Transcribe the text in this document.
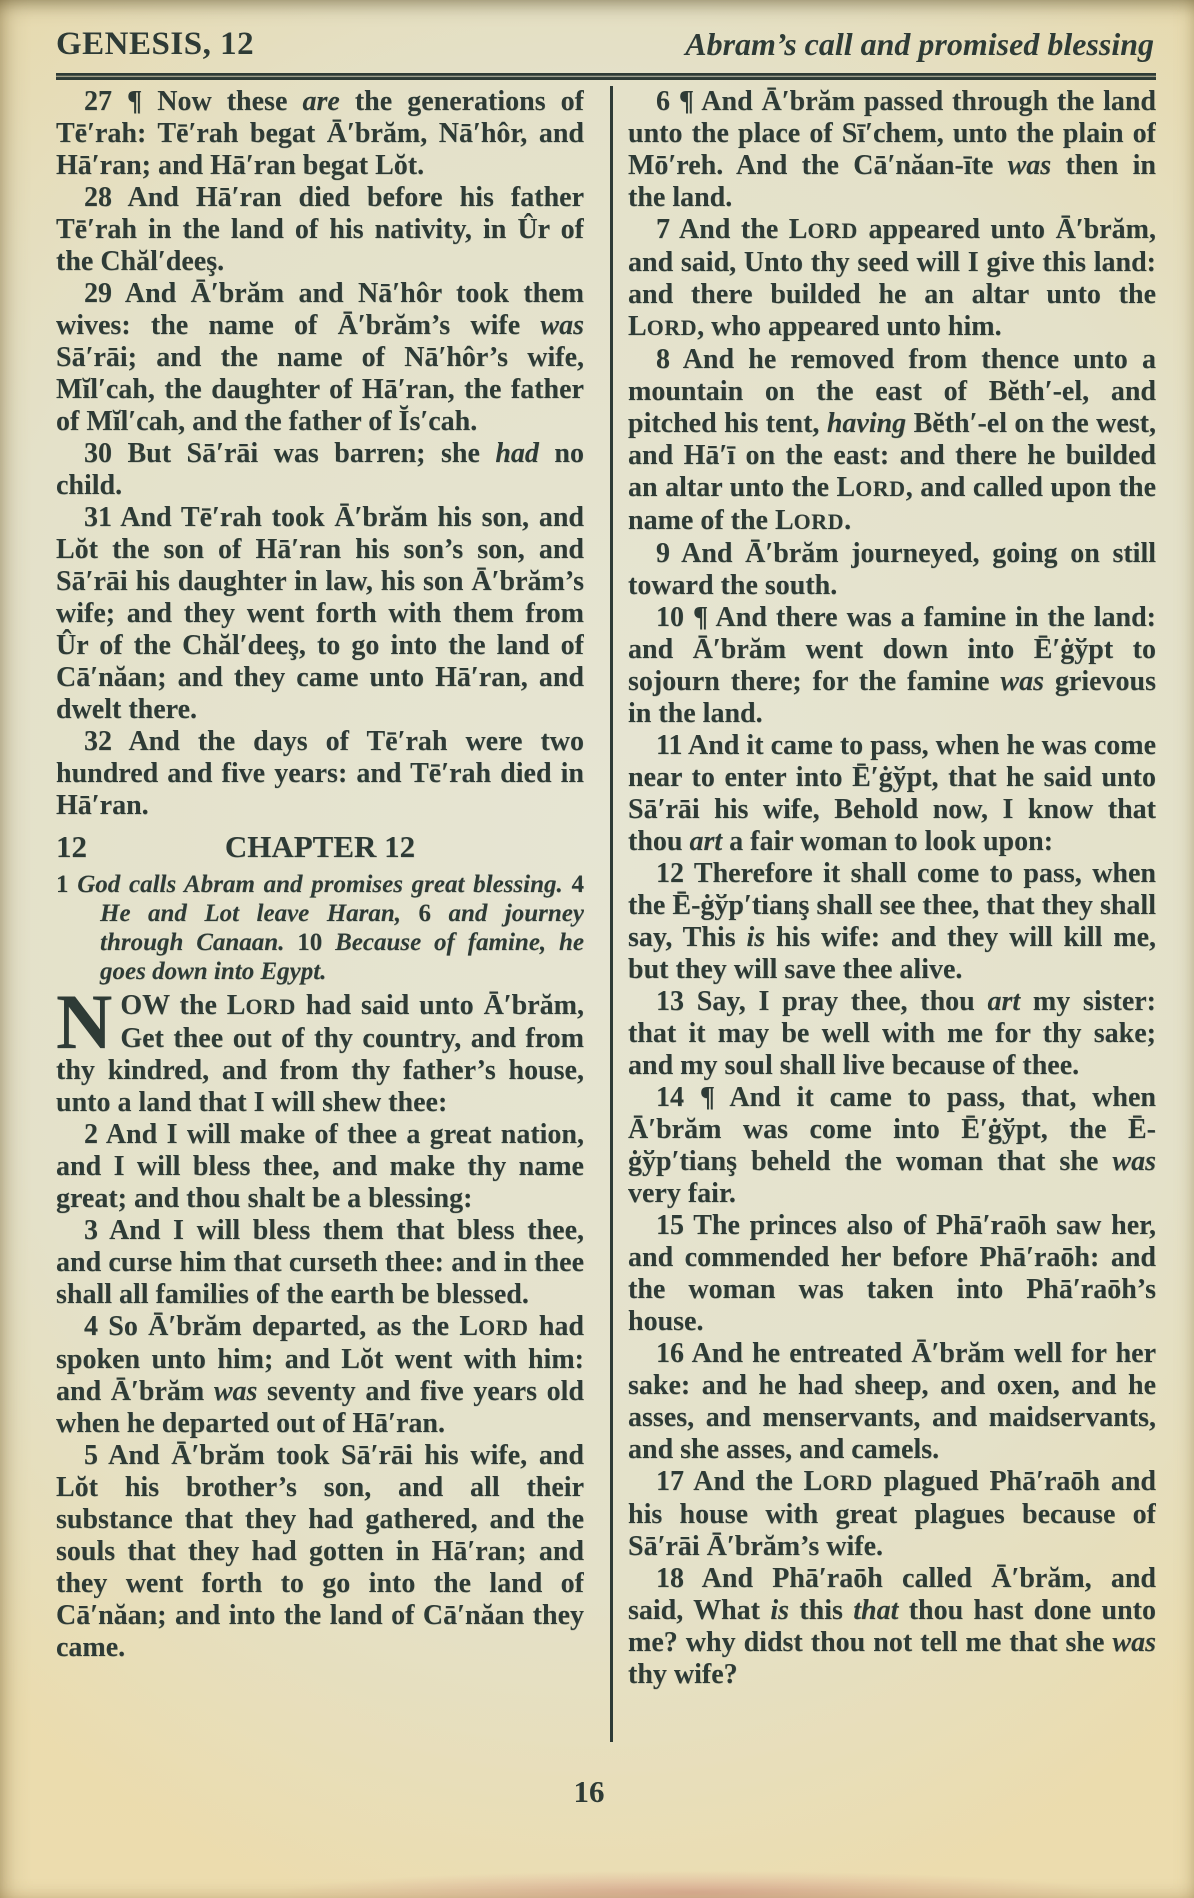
GENESIS, 12	Abram’s call and promised blessing

27 ¶ Now these are the generations of Tē′rah: Tē′rah begat Ā′brăm, Nā′hôr, and Hā′ran; and Hā′ran begat Lŏt.

28 And Hā′ran died before his father Tē′rah in the land of his nativity, in Ûr of the Chăl′deeş.

29 And Ā′brăm and Nā′hôr took them wives: the name of Ā′brăm’s wife was Sā′rāi; and the name of Nā′hôr’s wife, Mĭl′cah, the daughter of Hā′ran, the father of Mĭl′cah, and the father of Ĭs′cah.

30 But Sā′rāi was barren; she had no child.

31 And Tē′rah took Ā′brăm his son, and Lŏt the son of Hā′ran his son’s son, and Sā′rāi his daughter in law, his son Ā′brăm’s wife; and they went forth with them from Ûr of the Chăl′deeş, to go into the land of Cā′năan; and they came unto Hā′ran, and dwelt there.

32 And the days of Tē′rah were two hundred and five years: and Tē′rah died in Hā′ran.

12	CHAPTER 12

1 God calls Abram and promises great blessing. 4 He and Lot leave Haran, 6 and journey through Canaan. 10 Because of famine, he goes down into Egypt.

NOW the LORD had said unto Ā′brăm, Get thee out of thy country, and from thy kindred, and from thy father’s house, unto a land that I will shew thee:

2 And I will make of thee a great nation, and I will bless thee, and make thy name great; and thou shalt be a blessing:

3 And I will bless them that bless thee, and curse him that curseth thee: and in thee shall all families of the earth be blessed.

4 So Ā′brăm departed, as the LORD had spoken unto him; and Lŏt went with him: and Ā′brăm was seventy and five years old when he departed out of Hā′ran.

5 And Ā′brăm took Sā′rāi his wife, and Lŏt his brother’s son, and all their substance that they had gathered, and the souls that they had gotten in Hā′ran; and they went forth to go into the land of Cā′năan; and into the land of Cā′năan they came.

6 ¶ And Ā′brăm passed through the land unto the place of Sī′chem, unto the plain of Mō′reh. And the Cā′năan-īte was then in the land.

7 And the LORD appeared unto Ā′brăm, and said, Unto thy seed will I give this land: and there builded he an altar unto the LORD, who appeared unto him.

8 And he removed from thence unto a mountain on the east of Bĕth′-el, and pitched his tent, having Bĕth′-el on the west, and Hā′ī on the east: and there he builded an altar unto the LORD, and called upon the name of the LORD.

9 And Ā′brăm journeyed, going on still toward the south.

10 ¶ And there was a famine in the land: and Ā′brăm went down into Ē′ġўpt to sojourn there; for the famine was grievous in the land.

11 And it came to pass, when he was come near to enter into Ē′ġўpt, that he said unto Sā′rāi his wife, Behold now, I know that thou art a fair woman to look upon:

12 Therefore it shall come to pass, when the Ē-ġўp′tianş shall see thee, that they shall say, This is his wife: and they will kill me, but they will save thee alive.

13 Say, I pray thee, thou art my sister: that it may be well with me for thy sake; and my soul shall live because of thee.

14 ¶ And it came to pass, that, when Ā′brăm was come into Ē′ġўpt, the Ē-ġўp′tianş beheld the woman that she was very fair.

15 The princes also of Phā′raōh saw her, and commended her before Phā′raōh: and the woman was taken into Phā′raōh’s house.

16 And he entreated Ā′brăm well for her sake: and he had sheep, and oxen, and he asses, and menservants, and maidservants, and she asses, and camels.

17 And the LORD plagued Phā′raōh and his house with great plagues because of Sā′rāi Ā′brăm’s wife.

18 And Phā′raōh called Ā′brăm, and said, What is this that thou hast done unto me? why didst thou not tell me that she was thy wife?

16
